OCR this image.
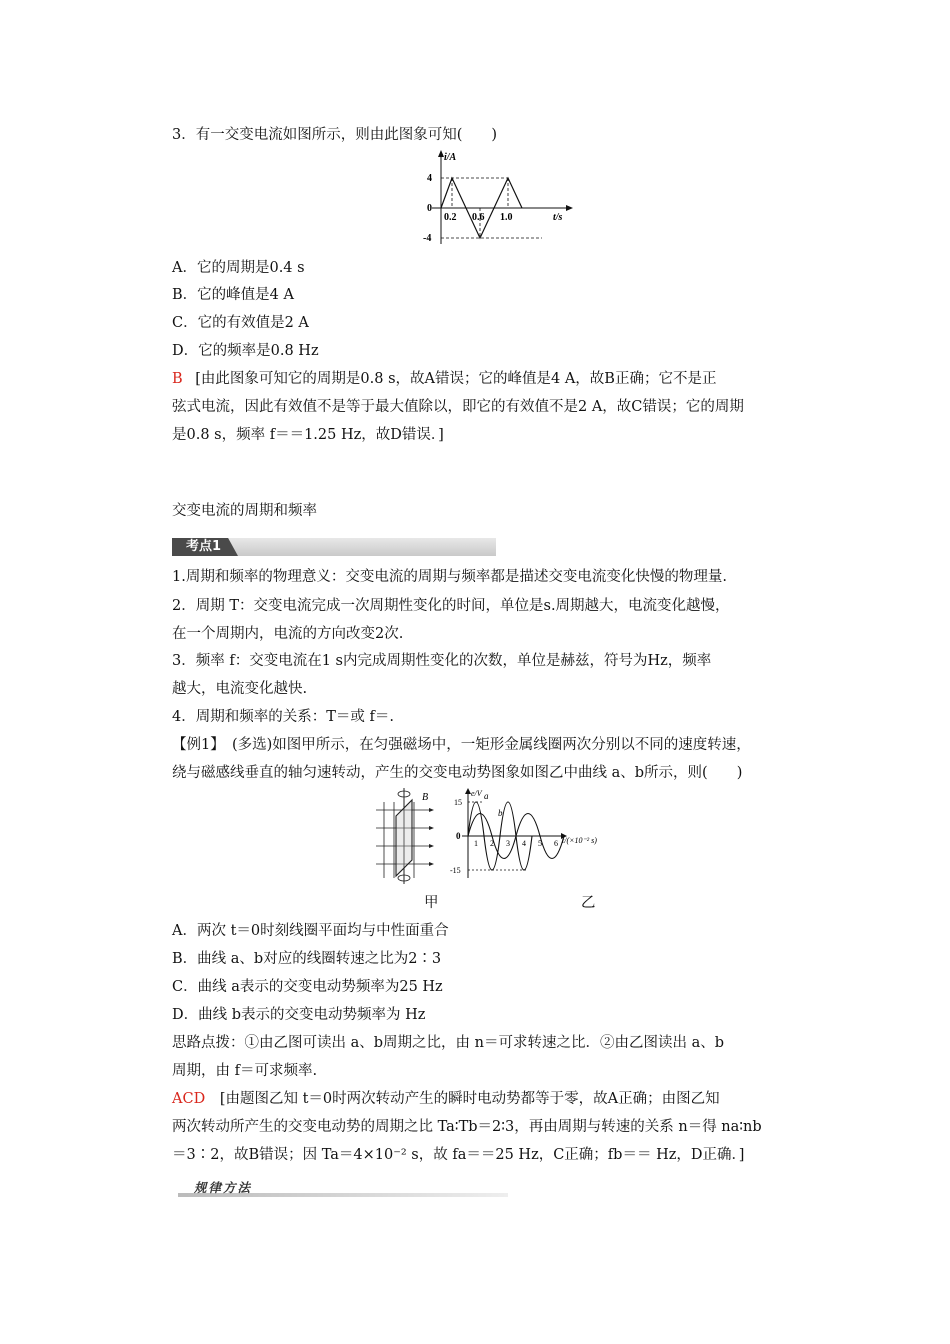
3．有一交变电流如图所示，则由此图象可知(　　)
i/A
4
-4
0
0.2 0.6 1.0	t/s
A．它的周期是0.4 s
B．它的峰值是4 A
C．它的有效值是2 A
D．它的频率是0.8 Hz
B [由此图象可知它的周期是0.8 s，故A错误；它的峰值是4 A，故B正确；它不是正
弦式电流，因此有效值不是等于最大值除以，即它的有效值不是2 A，故C错误；它的周期
是0.8 s，频率 f＝＝1.25 Hz，故D错误．]
交变电流的周期和频率
考点1
1.周期和频率的物理意义：交变电流的周期与频率都是描述交变电流变化快慢的物理量.
2．周期 T：交变电流完成一次周期性变化的时间，单位是s.周期越大，电流变化越慢，
在一个周期内，电流的方向改变2次.
3．频率 f：交变电流在1 s内完成周期性变化的次数，单位是赫兹，符号为Hz，频率
越大，电流变化越快.
4．周期和频率的关系：T＝或 f＝.
【例1】　(多选)如图甲所示，在匀强磁场中，一矩形金属线圈两次分别以不同的速度转速，
绕与磁感线垂直的轴匀速转动，产生的交变电动势图象如图乙中曲线 a、b所示，则(　　)
B	e/V
15
-15
0
1 2 3 4 5 6 t/(×10⁻² s)
a
b
甲	乙
A．两次 t＝0时刻线圈平面均与中性面重合
B．曲线 a、b对应的线圈转速之比为2∶3
C．曲线 a表示的交变电动势频率为25 Hz
D．曲线 b表示的交变电动势频率为 Hz
思路点拨：①由乙图可读出 a、b周期之比，由 n＝可求转速之比．②由乙图读出 a、b
周期，由 f＝可求频率.
ACD [由题图乙知 t＝0时两次转动产生的瞬时电动势都等于零，故A正确；由图乙知
两次转动所产生的交变电动势的周期之比 Ta∶Tb＝2∶3，再由周期与转速的关系 n＝得 na∶nb
＝3∶2，故B错误；因 Ta＝4×10⁻² s，故 fa＝＝25 Hz，C正确；fb＝＝ Hz，D正确．]
规律方法
